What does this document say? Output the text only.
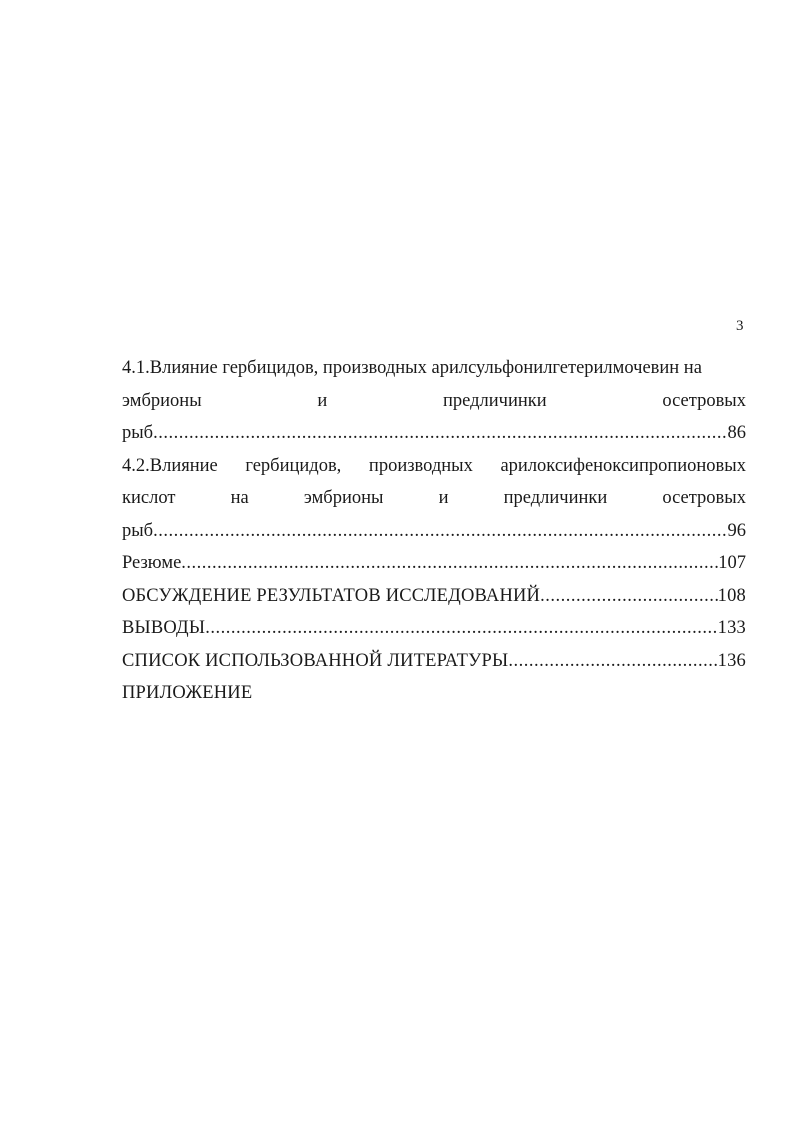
3
4.1.Влияние гербицидов, производных арилсульфонилгетерилмочевин на
эмбрионы	и	предличинки	осетровых
рыб .....	86
4.2.Влияние гербицидов, производных арилоксифеноксипропионовых
кислот	на	эмбрионы	и	предличинки	осетровых
рыб .....	96
Резюме .....	107
ОБСУЖДЕНИЕ РЕЗУЛЬТАТОВ ИССЛЕДОВАНИЙ .....	108
ВЫВОДЫ .....	133
СПИСОК ИСПОЛЬЗОВАННОЙ ЛИТЕРАТУРЫ .....	136
ПРИЛОЖЕНИЕ
